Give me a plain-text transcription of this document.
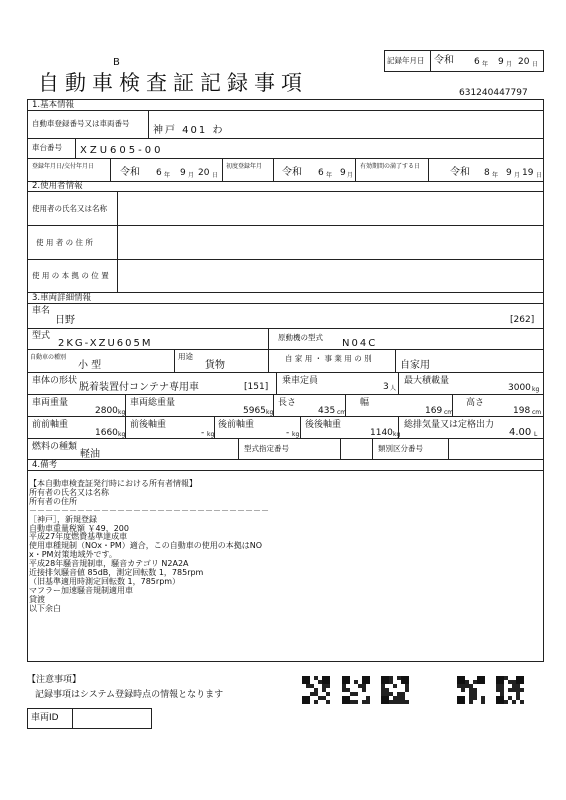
記録年月日 令和 6 年 9 月 20 日
B
自動車検査証記録事項	631240447797
1.基本情報
自動車登録番号又は車両番号
神戸 401 わ
車台番号 XZU605-00
登録年月日/交付年月日
令和 6 年 9 月 20 日
初度登録年月
令和 6 年 9 月
有効期間の満了する日
令和 8 年 9 月 19 日
2.使用者情報
使用者の氏名又は名称
使 用 者 の 住 所
使 用 の 本 拠 の 位 置
3.車両詳細情報
車名
日野	[262]
型式
2KG-XZU605M
原動機の型式
N04C
自動車の種別
小 型
用途
貨物
自 家 用 ・ 事 業 用 の 別
自家用
車体の形状
脱着装置付コンテナ専用車	[151]
乗車定員
3 人
最大積載量
3000 kg
車両重量
2800 kg
車両総重量
5965 kg
長さ
435 cm
幅
169 cm
高さ
198 cm
前前軸重
1660 kg
前後軸重
- kg
後前軸重
- kg
後後軸重
1140 kg
総排気量又は定格出力
4.00 L
燃料の種類
軽油
型式指定番号	類別区分番号
4.備考
【本自動車検査証発行時における所有者情報】
所有者の氏名又は名称
所有者の住所
－－－－－－－－－－－－－－－－－－－－－－－－－－－－－－
［神戸］，新規登録
自動車重量税額 ￥49，200
平成27年度燃費基準達成車
使用車種規制（NOx・PM）適合，この自動車の使用の本拠はNO
x・PM対策地域外です。
平成28年騒音規制車，騒音カテゴリ N2A2A
近接排気騒音値 85dB，測定回転数 1，785rpm
（旧基準適用時測定回転数 1，785rpm）
マフラー加速騒音規制適用車
貸渡
以下余白
【注意事項】
記録事項はシステム登録時点の情報となります
車両ID
